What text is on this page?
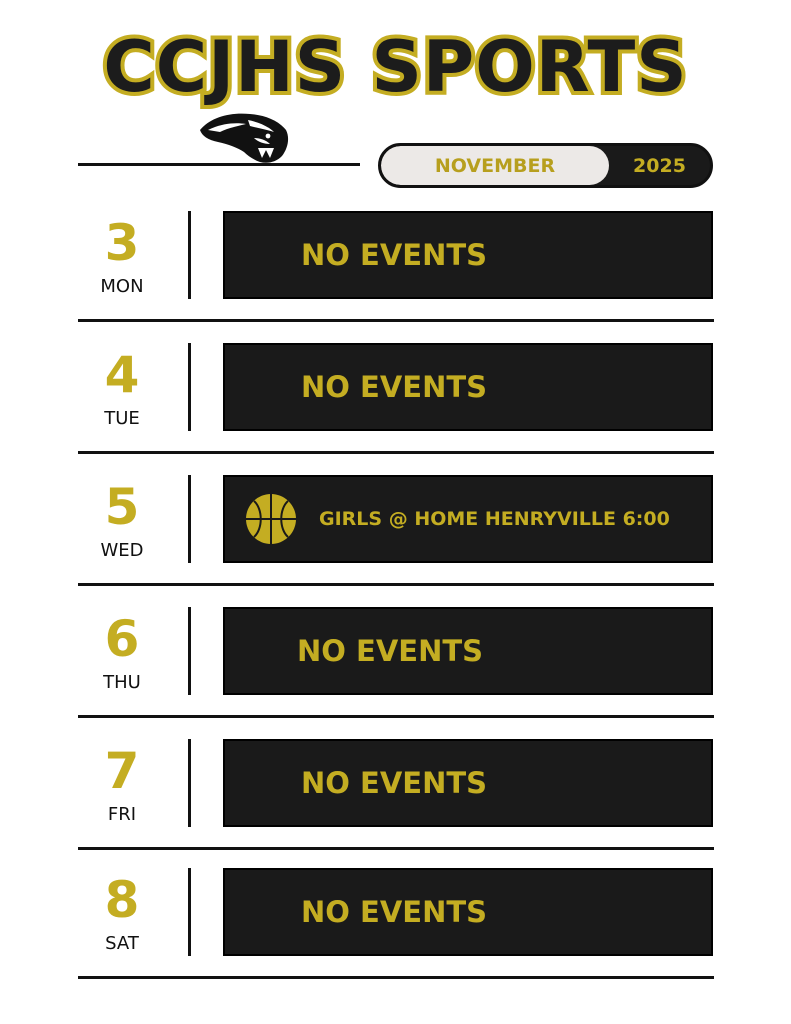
CCJHS SPORTS
NOVEMBER	2025
3
MON
NO EVENTS
4
TUE
NO EVENTS
5
WED
GIRLS @ HOME HENRYVILLE 6:00
6
THU
NO EVENTS
7
FRI
NO EVENTS
8
SAT
NO EVENTS
